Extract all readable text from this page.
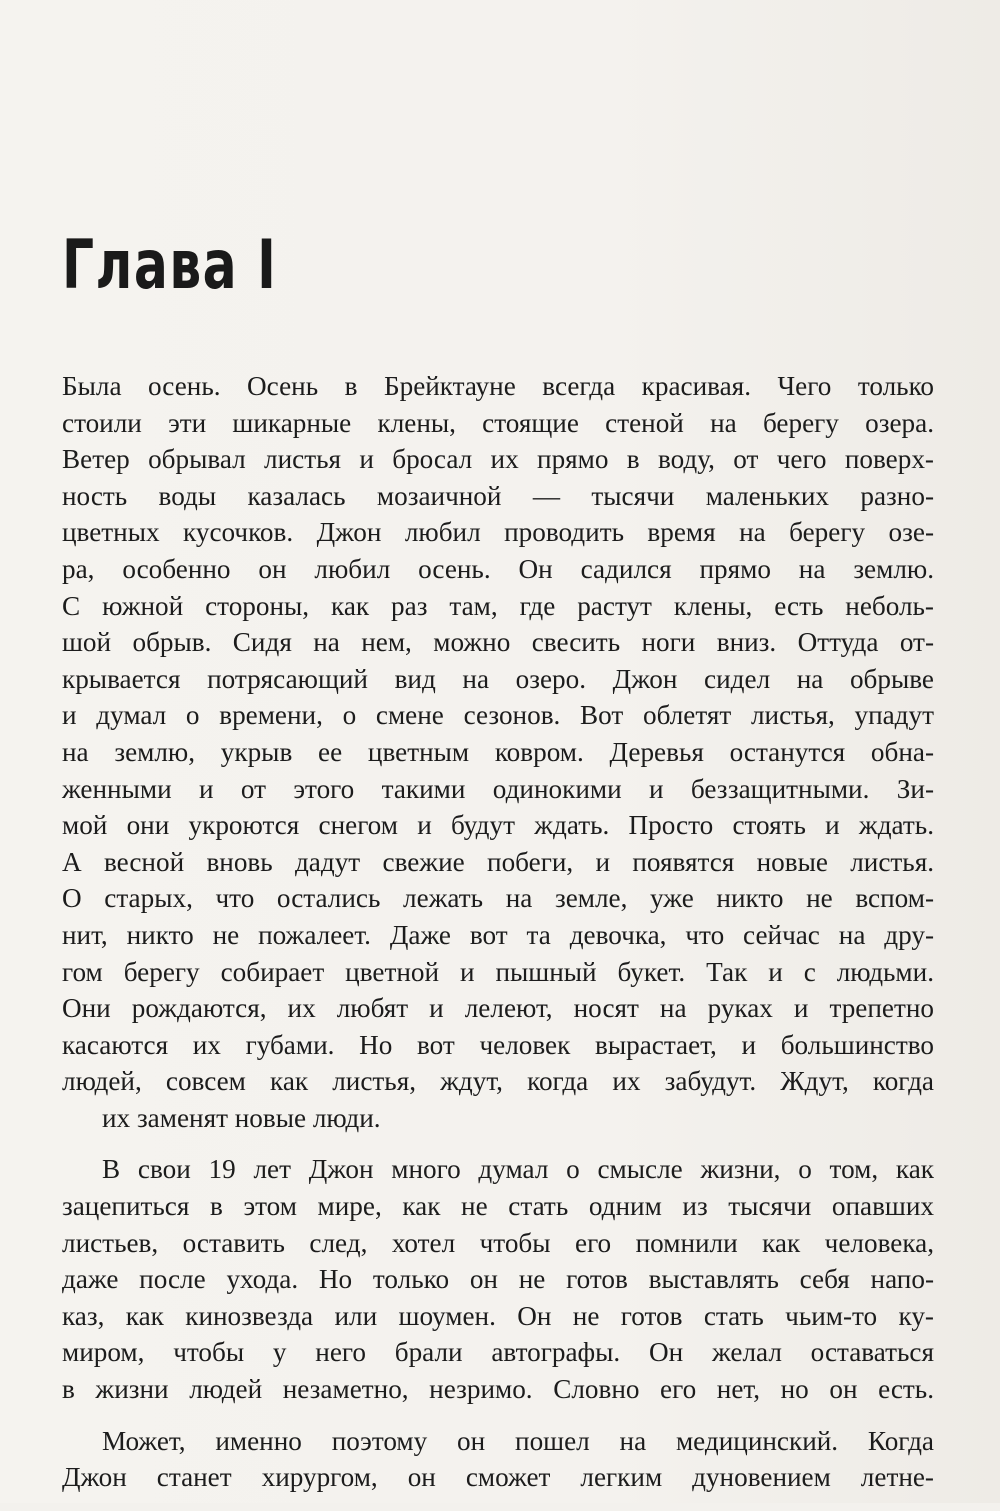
Глава I
Была осень. Осень в Брейктауне всегда красивая. Чего только
стоили эти шикарные клены, стоящие стеной на берегу озера.
Ветер обрывал листья и бросал их прямо в воду, от чего поверх-
ность воды казалась мозаичной — тысячи маленьких разно-
цветных кусочков. Джон любил проводить время на берегу озе-
ра, особенно он любил осень. Он садился прямо на землю.
С южной стороны, как раз там, где растут клены, есть неболь-
шой обрыв. Сидя на нем, можно свесить ноги вниз. Оттуда от-
крывается потрясающий вид на озеро. Джон сидел на обрыве
и думал о времени, о смене сезонов. Вот облетят листья, упадут
на землю, укрыв ее цветным ковром. Деревья останутся обна-
женными и от этого такими одинокими и беззащитными. Зи-
мой они укроются снегом и будут ждать. Просто стоять и ждать.
А весной вновь дадут свежие побеги, и появятся новые листья.
О старых, что остались лежать на земле, уже никто не вспом-
нит, никто не пожалеет. Даже вот та девочка, что сейчас на дру-
гом берегу собирает цветной и пышный букет. Так и с людьми.
Они рождаются, их любят и лелеют, носят на руках и трепетно
касаются их губами. Но вот человек вырастает, и большинство
людей, совсем как листья, ждут, когда их забудут. Ждут, когда
их заменят новые люди.
В свои 19 лет Джон много думал о смысле жизни, о том, как
зацепиться в этом мире, как не стать одним из тысячи опавших
листьев, оставить след, хотел чтобы его помнили как человека,
даже после ухода. Но только он не готов выставлять себя напо-
каз, как кинозвезда или шоумен. Он не готов стать чьим-то ку-
миром, чтобы у него брали автографы. Он желал оставаться
в жизни людей незаметно, незримо. Словно его нет, но он есть.
Может, именно поэтому он пошел на медицинский. Когда
Джон станет хирургом, он сможет легким дуновением летне-
